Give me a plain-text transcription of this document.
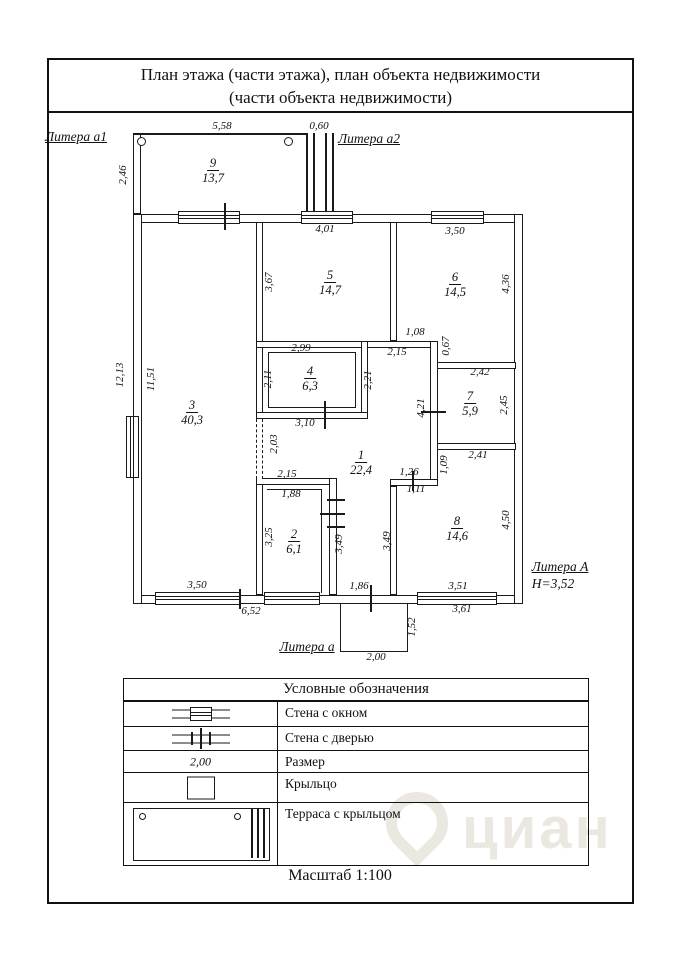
циан
План этажа (части этажа), план объекта недвижимости
(части объекта недвижимости)
9
13,7
3
40,3
5
14,7
6
14,5
4
6,3
7
5,9
1
22,4
2
6,1
8
14,6
5,58	0,60
4,01	3,50
2,99
1,08
2,15
2,42
3,10
2,41
2,15
1,88
1,26
1,11
3,50	1,86	3,51
6,52	3,61
2,00
2,46
12,13 11,51
3,67	4,36
2,11	2,21
0,67
2,45
4,21
2,03
1,09
3,49	3,49
3,25
4,50
1,52
Литера а1	Литера а2
Литера а
Литера А
Н=3,52
Условные обозначения
Стена с окном
Стена с дверью
2,00	Размер
Крыльцо
Терраса с крыльцом
Масштаб 1:100
